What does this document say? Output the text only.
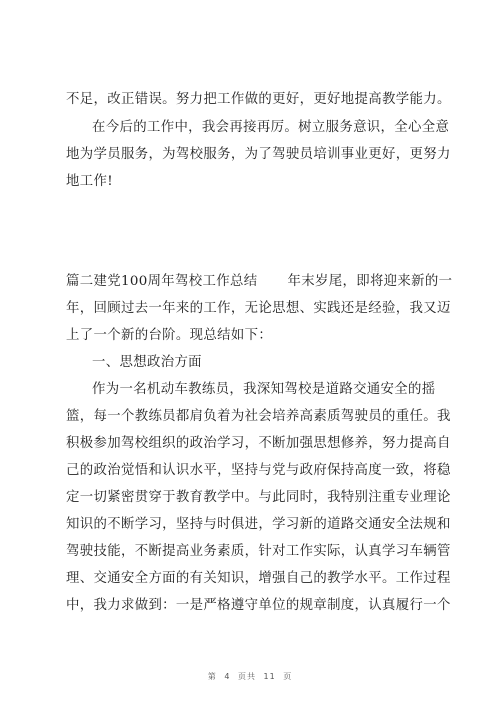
不足，改正错误。努力把工作做的更好，更好地提高教学能力。
在今后的工作中，我会再接再厉。树立服务意识，全心全意
地为学员服务，为驾校服务，为了驾驶员培训事业更好，更努力
地工作!
篇二建党100周年驾校工作总结 年末岁尾，即将迎来新的一
年，回顾过去一年来的工作，无论思想、实践还是经验，我又迈
上了一个新的台阶。现总结如下：
一、思想政治方面
作为一名机动车教练员，我深知驾校是道路交通安全的摇
篮，每一个教练员都肩负着为社会培养高素质驾驶员的重任。我
积极参加驾校组织的政治学习，不断加强思想修养，努力提高自
己的政治觉悟和认识水平，坚持与党与政府保持高度一致，将稳
定一切紧密贯穿于教育教学中。与此同时，我特别注重专业理论
知识的不断学习，坚持与时俱进，学习新的道路交通安全法规和
驾驶技能，不断提高业务素质，针对工作实际，认真学习车辆管
理、交通安全方面的有关知识，增强自己的教学水平。工作过程
中，我力求做到：一是严格遵守单位的规章制度，认真履行一个
第 4 页共 11 页
